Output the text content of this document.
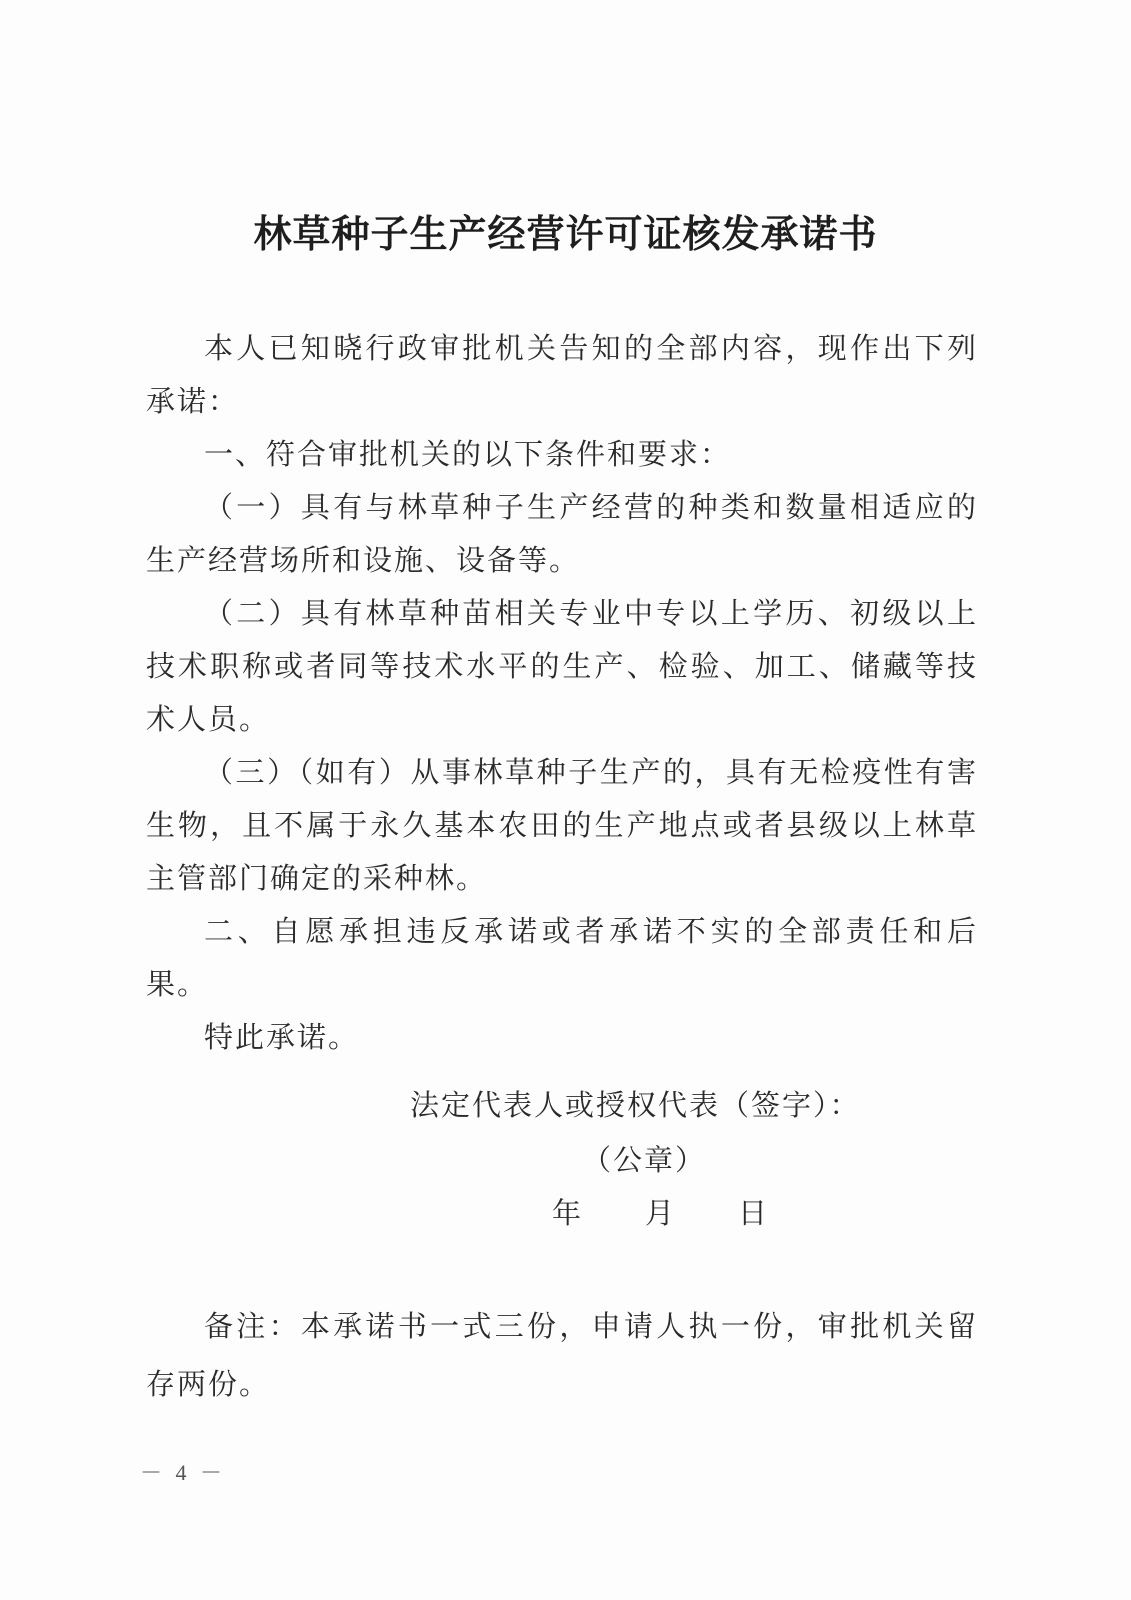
林草种子生产经营许可证核发承诺书

本人已知晓行政审批机关告知的全部内容，现作出下列承诺：

一、符合审批机关的以下条件和要求：

（一）具有与林草种子生产经营的种类和数量相适应的生产经营场所和设施、设备等。

（二）具有林草种苗相关专业中专以上学历、初级以上技术职称或者同等技术水平的生产、检验、加工、储藏等技术人员。

（三）（如有）从事林草种子生产的，具有无检疫性有害生物，且不属于永久基本农田的生产地点或者县级以上林草主管部门确定的采种林。

二、自愿承担违反承诺或者承诺不实的全部责任和后果。

特此承诺。

法定代表人或授权代表（签字）：
（公章）
年　　月　　日

备注：本承诺书一式三份，申请人执一份，审批机关留存两份。

－ 4 －
